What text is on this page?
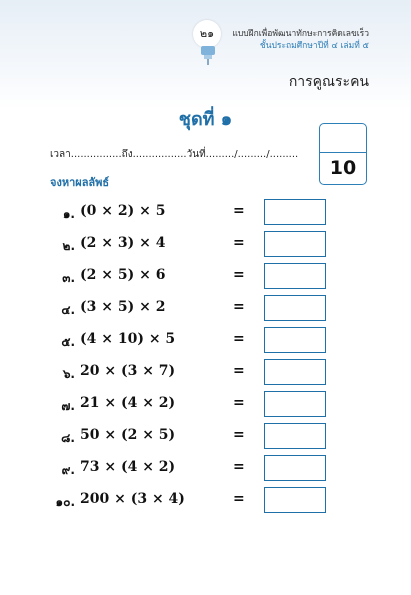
๒๑	แบบฝึกเพื่อพัฒนาทักษะการคิดเลขเร็ว
ชั้นประถมศึกษาปีที่ ๔ เล่มที่ ๕
การคูณระคน
ชุดที่ ๑
10
เวลา................ถึง.................วันที่........./........./.........
จงหาผลลัพธ์
๑. (0 × 2) × 5	=
๒. (2 × 3) × 4	=
๓. (2 × 5) × 6	=
๔. (3 × 5) × 2	=
๕. (4 × 10) × 5	=
๖. 20 × (3 × 7)	=
๗. 21 × (4 × 2)	=
๘. 50 × (2 × 5)	=
๙. 73 × (4 × 2)	=
๑๐. 200 × (3 × 4)	=
